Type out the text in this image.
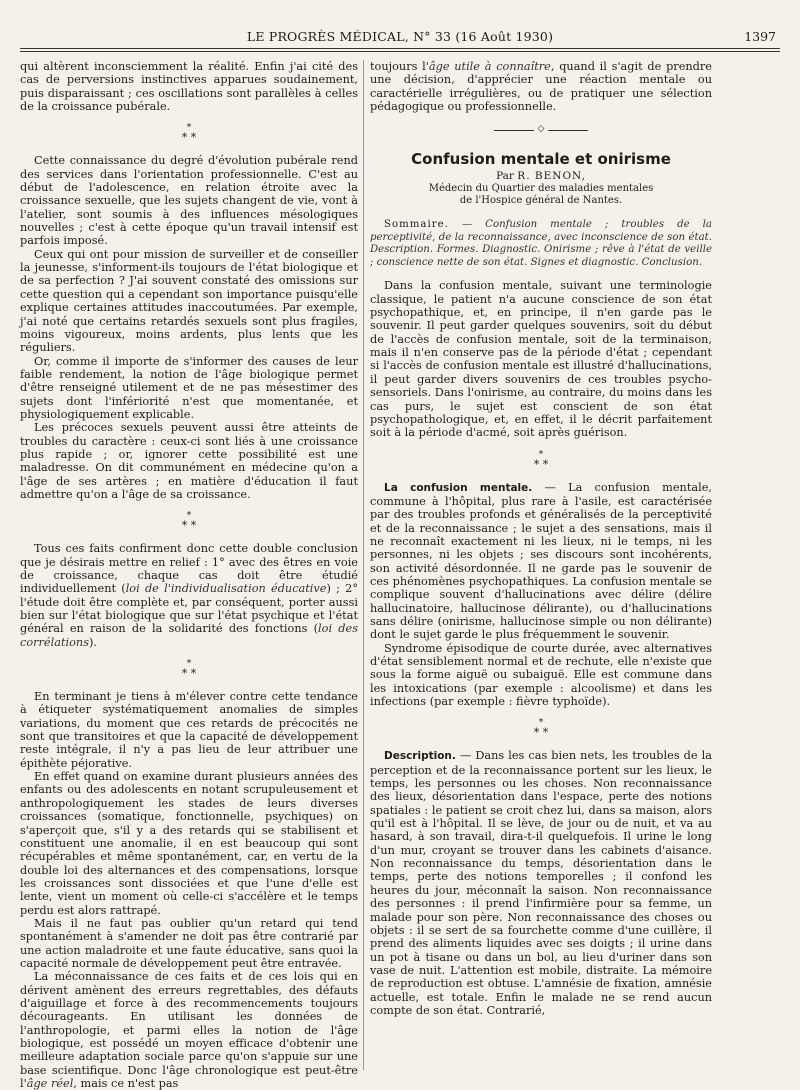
LE PROGRÈS MÉDICAL, N° 33 (16 Août 1930)	1397

qui altèrent inconsciemment la réalité. Enfin j'ai cité des cas de perversions instinctives apparues soudainement, puis disparaissant ; ces oscillations sont parallèles à celles de la croissance pubérale.

*
* *

Cette connaissance du degré d'évolution pubérale rend des services dans l'orientation professionnelle. C'est au début de l'adolescence, en relation étroite avec la croissance sexuelle, que les sujets changent de vie, vont à l'atelier, sont soumis à des influences mésologiques nouvelles ; c'est à cette époque qu'un travail intensif est parfois imposé.

Ceux qui ont pour mission de surveiller et de conseiller la jeunesse, s'informent-ils toujours de l'état biologique et de sa perfection ? J'ai souvent constaté des omissions sur cette question qui a cependant son importance puisqu'elle explique certaines attitudes inaccoutumées. Par exemple, j'ai noté que certains retardés sexuels sont plus fragiles, moins vigoureux, moins ardents, plus lents que les réguliers.

Or, comme il importe de s'informer des causes de leur faible rendement, la notion de l'âge biologique permet d'être renseigné utilement et de ne pas mésestimer des sujets dont l'infériorité n'est que momentanée, et physiologiquement explicable.

Les précoces sexuels peuvent aussi être atteints de troubles du caractère : ceux-ci sont liés à une croissance plus rapide ; or, ignorer cette possibilité est une maladresse. On dit communément en médecine qu'on a l'âge de ses artères ; en matière d'éducation il faut admettre qu'on a l'âge de sa croissance.

*
* *

Tous ces faits confirment donc cette double conclusion que je désirais mettre en relief : 1° avec des êtres en voie de croissance, chaque cas doit être étudié individuellement (loi de l'individualisation éducative) ; 2° l'étude doit être complète et, par conséquent, porter aussi bien sur l'état biologique que sur l'état psychique et l'état général en raison de la solidarité des fonctions (loi des corrélations).

*
* *

En terminant je tiens à m'élever contre cette tendance à étiqueter systématiquement anomalies de simples variations, du moment que ces retards de précocités ne sont que transitoires et que la capacité de développement reste intégrale, il n'y a pas lieu de leur attribuer une épithète péjorative.

En effet quand on examine durant plusieurs années des enfants ou des adolescents en notant scrupuleusement et anthropologiquement les stades de leurs diverses croissances (somatique, fonctionnelle, psychiques) on s'aperçoit que, s'il y a des retards qui se stabilisent et constituent une anomalie, il en est beaucoup qui sont récupérables et même spontanément, car, en vertu de la double loi des alternances et des compensations, lorsque les croissances sont dissociées et que l'une d'elle est lente, vient un moment où celle-ci s'accélère et le temps perdu est alors rattrapé.

Mais il ne faut pas oublier qu'un retard qui tend spontanément à s'amender ne doit pas être contrarié par une action maladroite et une faute éducative, sans quoi la capacité normale de développement peut être entravée.

La méconnaissance de ces faits et de ces lois qui en dérivent amènent des erreurs regrettables, des défauts d'aiguillage et force à des recommencements toujours décourageants. En utilisant les données de l'anthropologie, et parmi elles la notion de l'âge biologique, est possédé un moyen efficace d'obtenir une meilleure adaptation sociale parce qu'on s'appuie sur une base scientifique. Donc l'âge chronologique est peut-être l'âge réel, mais ce n'est pas

toujours l'âge utile à connaître, quand il s'agit de prendre une décision, d'apprécier une réaction mentale ou caractérielle irrégulières, ou de pratiquer une sélection pédagogique ou professionnelle.

◇
Confusion mentale et onirisme
Par R. BENON,
Médecin du Quartier des maladies mentales
de l'Hospice général de Nantes.

Sommaire. — Confusion mentale ; troubles de la perceptivité, de la reconnaissance, avec inconscience de son état. Description. Formes. Diagnostic. Onirisme ; rêve à l'état de veille ; conscience nette de son état. Signes et diagnostic. Conclusion.

Dans la confusion mentale, suivant une terminologie classique, le patient n'a aucune conscience de son état psychopathique, et, en principe, il n'en garde pas le souvenir. Il peut garder quelques souvenirs, soit du début de l'accès de confusion mentale, soit de la terminaison, mais il n'en conserve pas de la période d'état ; cependant si l'accès de confusion mentale est illustré d'hallucinations, il peut garder divers souvenirs de ces troubles psycho-sensoriels. Dans l'onirisme, au contraire, du moins dans les cas purs, le sujet est conscient de son état psychopathologique, et, en effet, il le décrit parfaitement soit à la période d'acmé, soit après guérison.

*
* *

La confusion mentale. — La confusion mentale, commune à l'hôpital, plus rare à l'asile, est caractérisée par des troubles profonds et généralisés de la perceptivité et de la reconnaissance ; le sujet a des sensations, mais il ne reconnaît exactement ni les lieux, ni le temps, ni les personnes, ni les objets ; ses discours sont incohérents, son activité désordonnée. Il ne garde pas le souvenir de ces phénomènes psychopathiques. La confusion mentale se complique souvent d'hallucinations avec délire (délire hallucinatoire, hallucinose délirante), ou d'hallucinations sans délire (onirisme, hallucinose simple ou non délirante) dont le sujet garde le plus fréquemment le souvenir.

Syndrome épisodique de courte durée, avec alternatives d'état sensiblement normal et de rechute, elle n'existe que sous la forme aiguë ou subaiguë. Elle est commune dans les intoxications (par exemple : alcoolisme) et dans les infections (par exemple : fièvre typhoïde).

*
* *

Description. — Dans les cas bien nets, les troubles de la perception et de la reconnaissance portent sur les lieux, le temps, les personnes ou les choses. Non reconnaissance des lieux, désorientation dans l'espace, perte des notions spatiales : le patient se croit chez lui, dans sa maison, alors qu'il est à l'hôpital. Il se lève, de jour ou de nuit, et va au hasard, à son travail, dira-t-il quelquefois. Il urine le long d'un mur, croyant se trouver dans les cabinets d'aisance. Non reconnaissance du temps, désorientation dans le temps, perte des notions temporelles ; il confond les heures du jour, méconnaît la saison. Non reconnaissance des personnes : il prend l'infirmière pour sa femme, un malade pour son père. Non reconnaissance des choses ou objets : il se sert de sa fourchette comme d'une cuillère, il prend des aliments liquides avec ses doigts ; il urine dans un pot à tisane ou dans un bol, au lieu d'uriner dans son vase de nuit. L'attention est mobile, distraite. La mémoire de reproduction est obtuse. L'amnésie de fixation, amnésie actuelle, est totale. Enfin le malade ne se rend aucun compte de son état. Contrarié,
